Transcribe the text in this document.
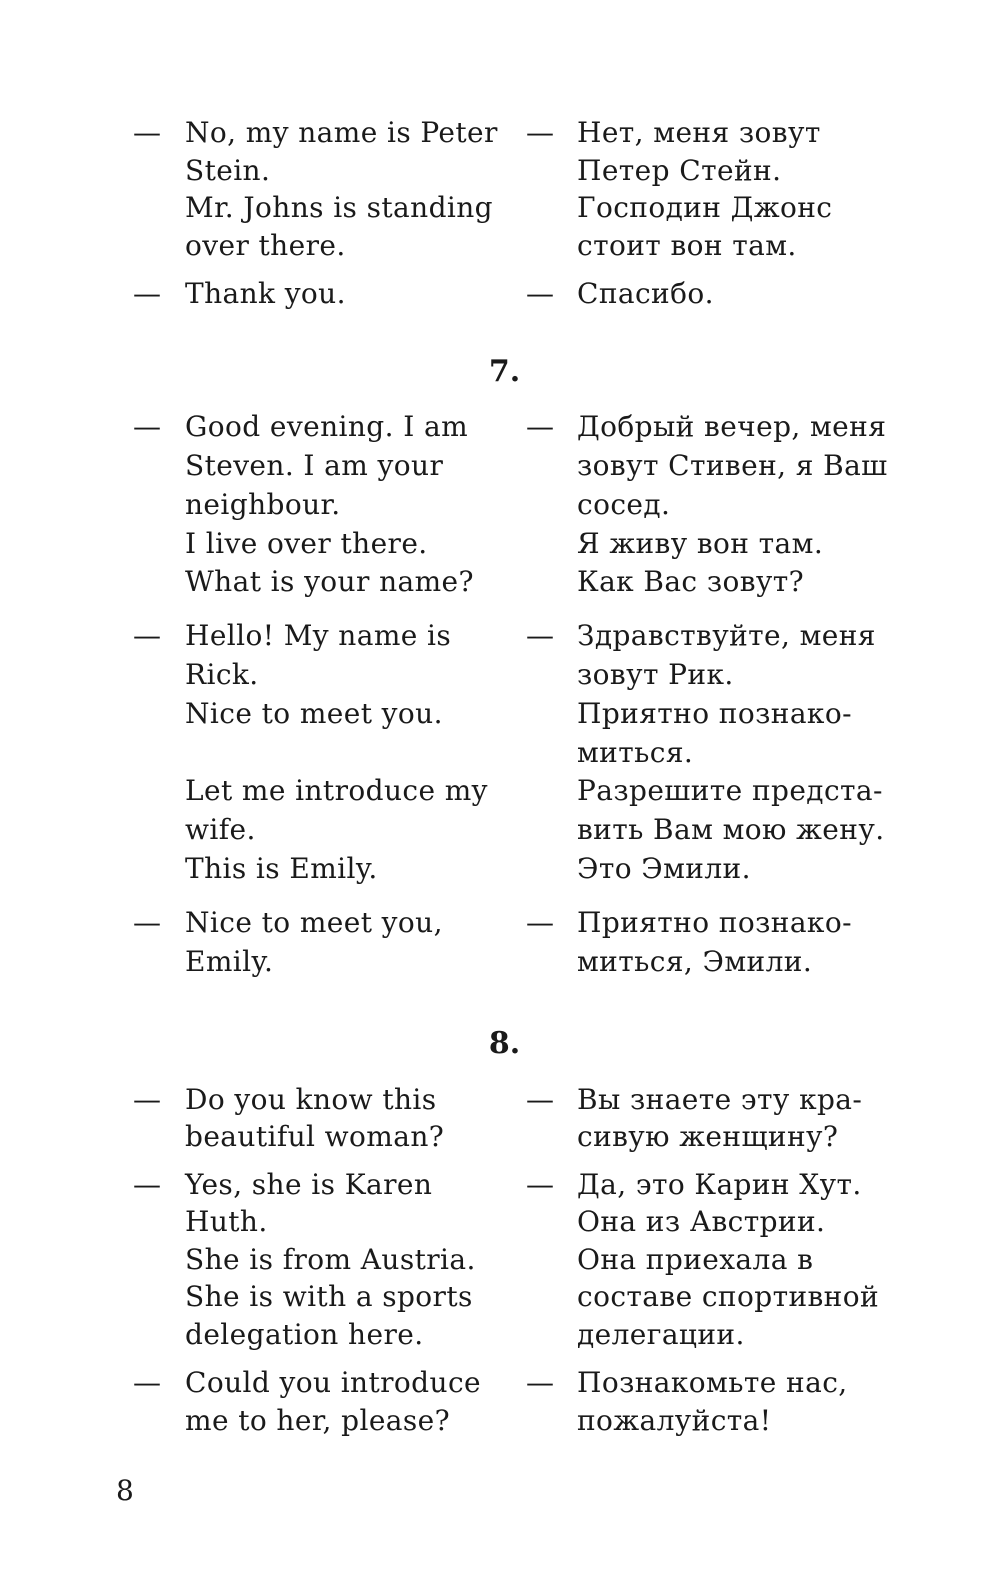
— No, my name is Peter
Stein.
Mr. Johns is standing
over there.
— Нет, меня зовут
Петер Стейн.
Господин Джонс
стоит вон там.
— Thank you.	— Спасибо.
7.
— Good evening. I am
Steven. I am your
neighbour.
I live over there.
What is your name?
— Добрый вечер, меня
зовут Стивен, я Ваш
сосед.
Я живу вон там.
Как Вас зовут?
— Hello! My name is
Rick.
Nice to meet you.
Let me introduce my
wife.
This is Emily.
— Здравствуйте, меня
зовут Рик.
Приятно познако-
миться.
Разрешите предста-
вить Вам мою жену.
Это Эмили.
— Nice to meet you,
Emily.
— Приятно познако-
миться, Эмили.
8.
— Do you know this
beautiful woman?
— Вы знаете эту кра-
сивую женщину?
— Yes, she is Karen
Huth.
She is from Austria.
She is with a sports
delegation here.
— Да, это Карин Хут.
Она из Австрии.
Она приехала в
составе спортивной
делегации.
— Could you introduce
me to her, please?
— Познакомьте нас,
пожалуйста!
8
